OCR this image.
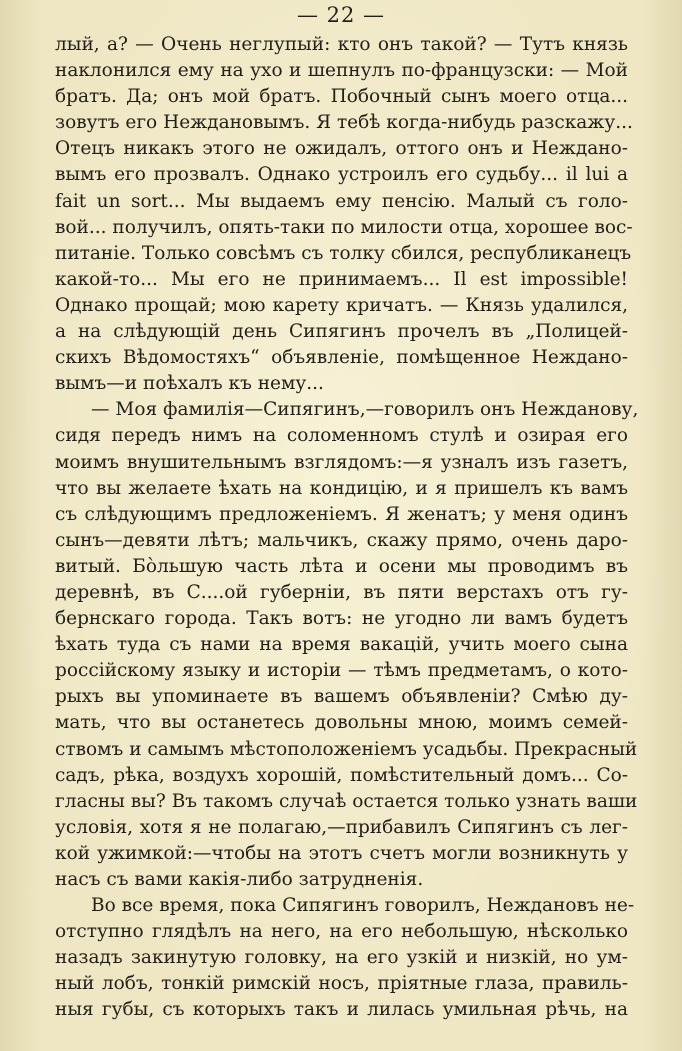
— 22 —

лый, а? — Очень неглупый: кто онъ такой? — Тутъ князь
наклонился ему на ухо и шепнулъ по-французски: — Мой
братъ. Да; онъ мой братъ. Побочный сынъ моего отца...
зовутъ его Неждановымъ. Я тебѣ когда-нибудь разскажу...
Отецъ никакъ этого не ожидалъ, оттого онъ и Нежданo-
вымъ его прозвалъ. Однако устроилъ его судьбу... il lui a
fait un sort... Мы выдаемъ ему пенсію. Малый съ голо-
вой... получилъ, опять-таки по милости отца, хорошее вос-
питаніе. Только совсѣмъ съ толку сбился, республиканецъ
какой-то... Мы его не принимаемъ... Il est impossible!
Однако прощай; мою карету кричатъ. — Князь удалился,
а на слѣдующій день Сипягинъ прочелъ въ „Полицей-
скихъ Вѣдомостяхъ“ объявленіе, помѣщенное Нежданo-
вымъ—и поѣхалъ къ нему...

— Моя фамилія—Сипягинъ,—говорилъ онъ Нежданову,
сидя передъ нимъ на соломенномъ стулѣ и озирая его
моимъ внушительнымъ взглядомъ:—я узналъ изъ газетъ,
что вы желаете ѣхать на кондицію, и я пришелъ къ вамъ
съ слѣдующимъ предложеніемъ. Я женатъ; у меня одинъ
сынъ—девяти лѣтъ; мальчикъ, скажу прямо, очень даро-
витый. Бòльшую часть лѣта и осени мы проводимъ въ
деревнѣ, въ С....ой губерніи, въ пяти верстахъ отъ гу-
бернскаго города. Такъ вотъ: не угодно ли вамъ будетъ
ѣхать туда съ нами на время вакацій, учить моего сына
россійскому языку и исторіи — тѣмъ предметамъ, о кото-
рыхъ вы упоминаете въ вашемъ объявленіи? Смѣю ду-
мать, что вы останетесь довольны мною, моимъ семей-
ствомъ и самымъ мѣстоположеніемъ усадьбы. Прекрасный
садъ, рѣка, воздухъ хорошій, помѣстительный домъ... Со-
гласны вы? Въ такомъ случаѣ остается только узнать ваши
условія, хотя я не полагаю,—прибавилъ Сипягинъ съ лег-
кой ужимкой:—чтобы на этотъ счетъ могли возникнуть у
насъ съ вами какія-либо затрудненія.

Во все время, пока Сипягинъ говорилъ, Неждановъ не-
отступно глядѣлъ на него, на его небольшую, нѣсколько
назадъ закинутую головку, на его узкій и низкій, но ум-
ный лобъ, тонкій римскій носъ, пріятные глаза, правиль-
ныя губы, съ которыхъ такъ и лилась умильная рѣчь, на
